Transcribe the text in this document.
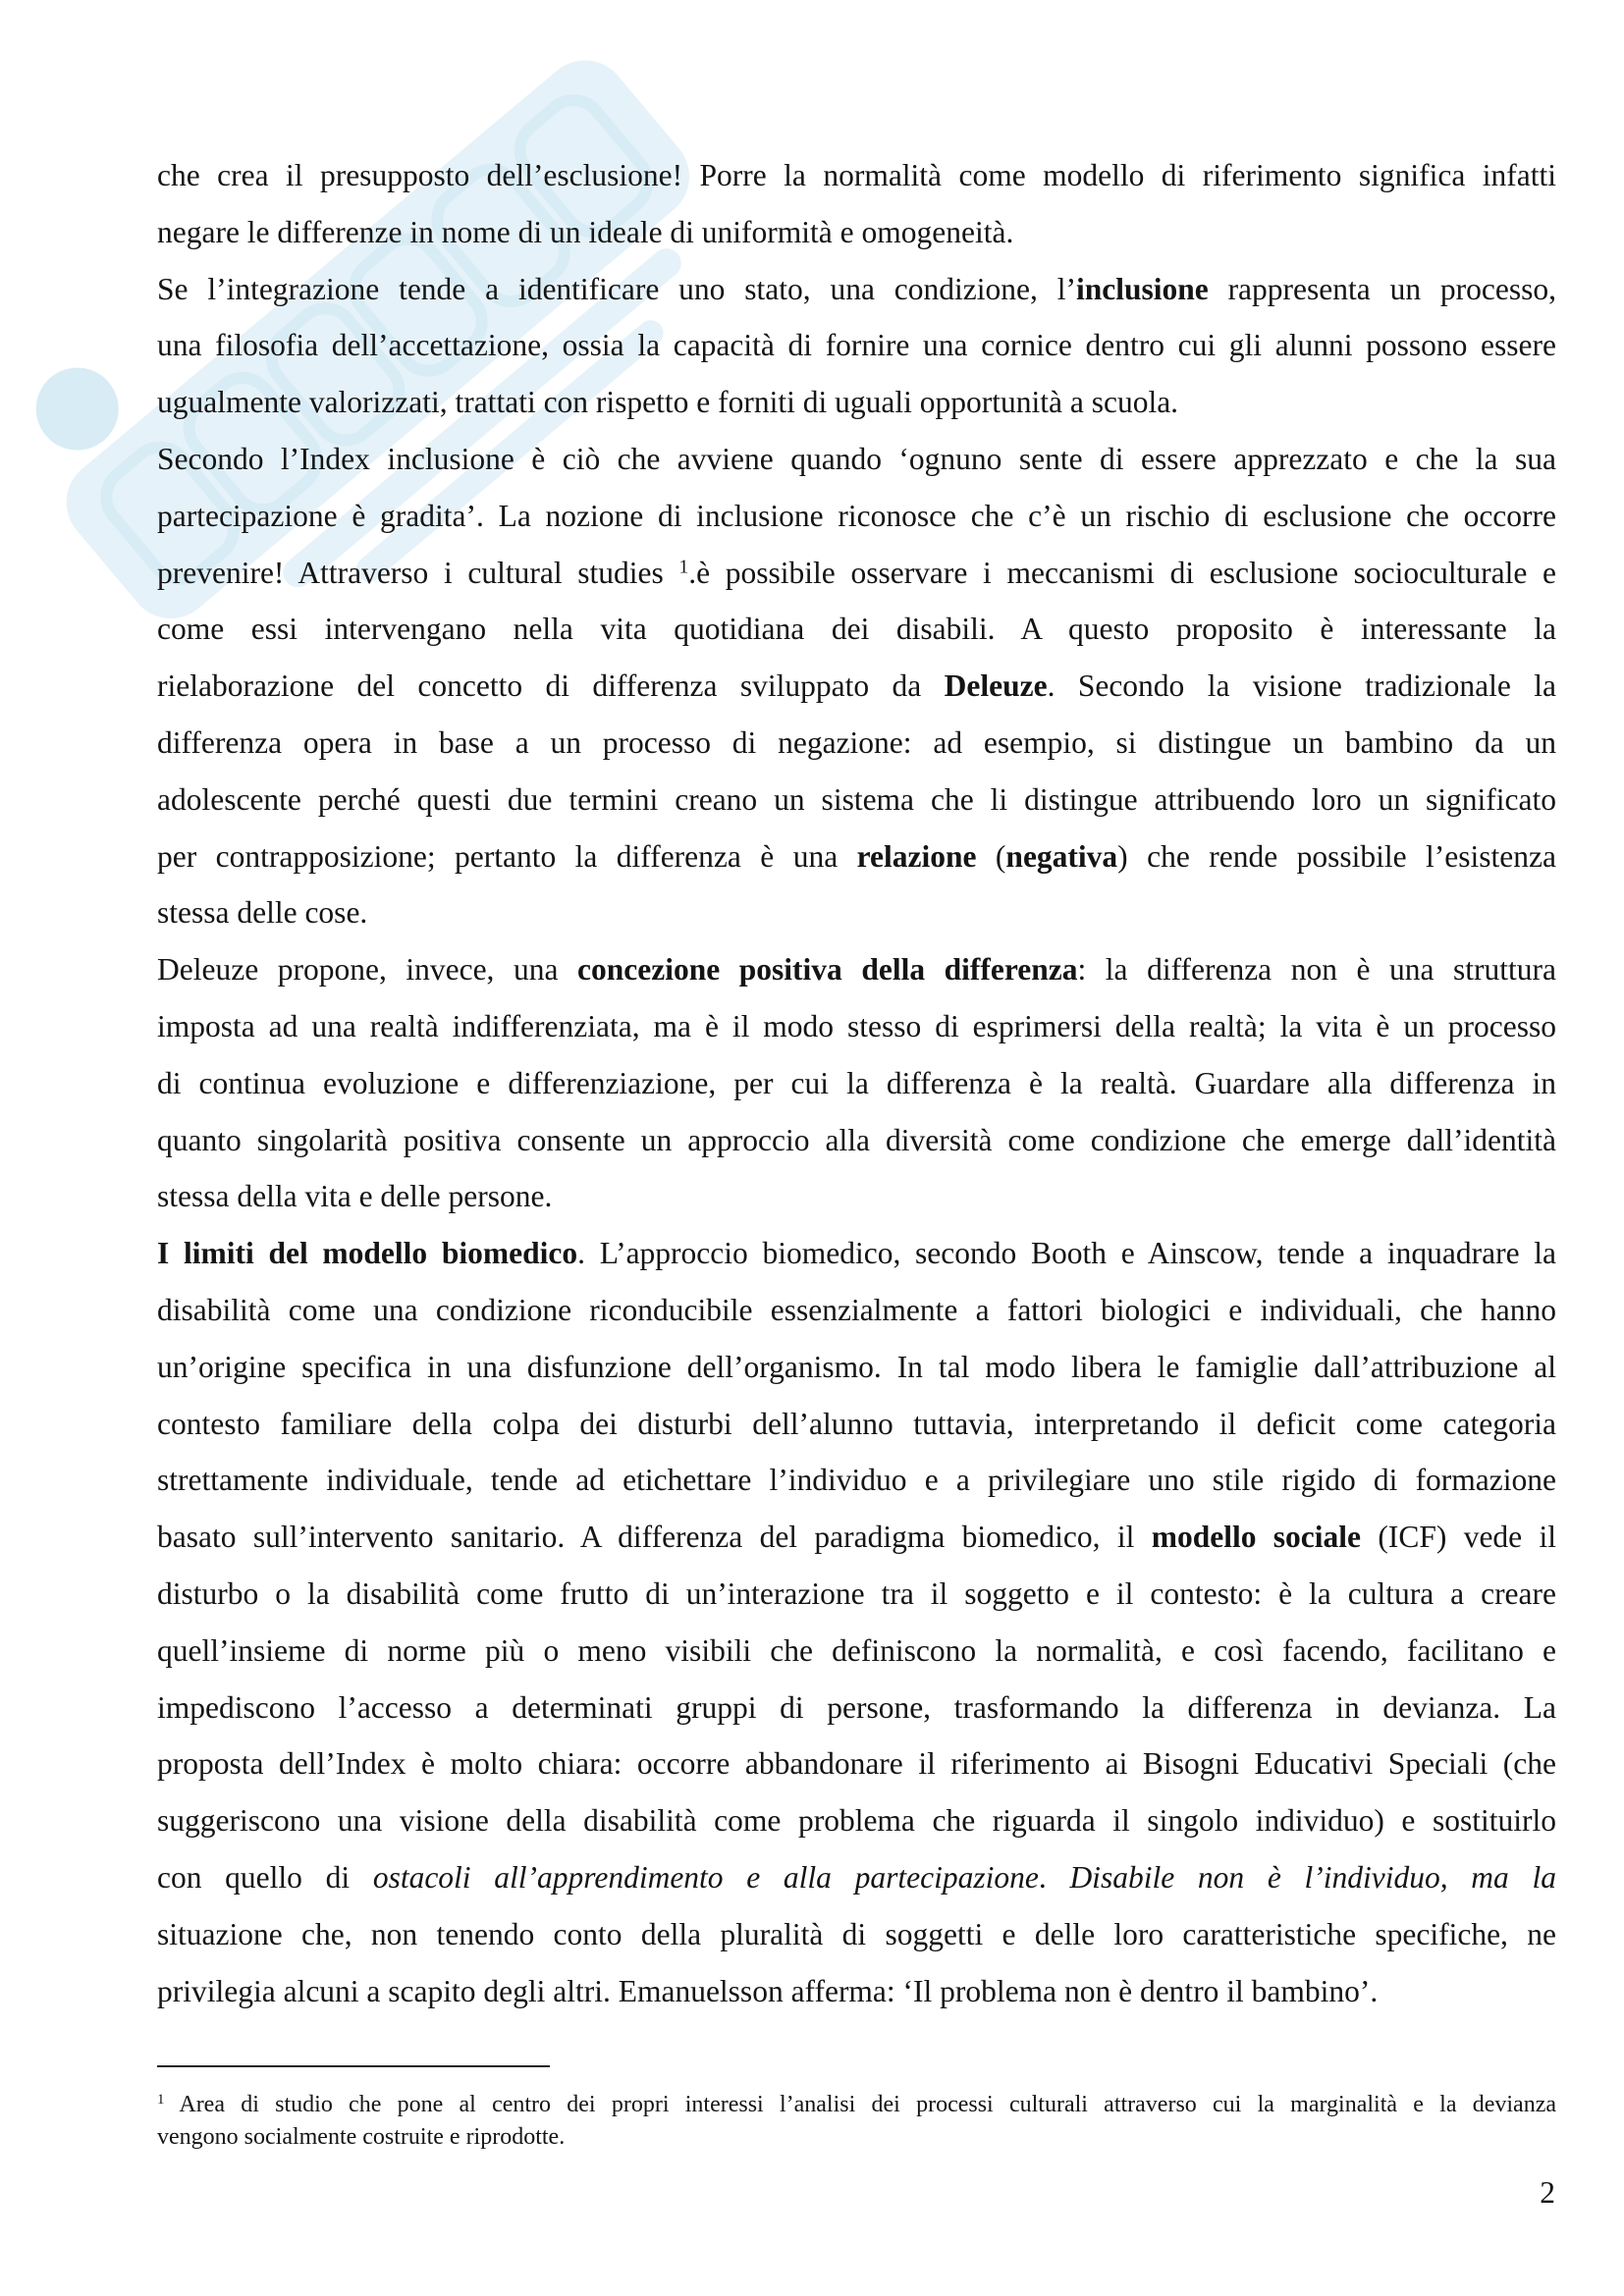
che crea il presupposto dell’esclusione! Porre la normalità come modello di riferimento significa infatti
negare le differenze in nome di un ideale di uniformità e omogeneità.
Se l’integrazione tende a identificare uno stato, una condizione, l’inclusione rappresenta un processo,
una filosofia dell’accettazione, ossia la capacità di fornire una cornice dentro cui gli alunni possono essere
ugualmente valorizzati, trattati con rispetto e forniti di uguali opportunità a scuola.
Secondo l’Index inclusione è ciò che avviene quando ‘ognuno sente di essere apprezzato e che la sua
partecipazione è gradita’. La nozione di inclusione riconosce che c’è un rischio di esclusione che occorre
prevenire! Attraverso i cultural studies $^1$.è possibile osservare i meccanismi di esclusione socioculturale e
come essi intervengano nella vita quotidiana dei disabili. A questo proposito è interessante la
rielaborazione del concetto di differenza sviluppato da Deleuze. Secondo la visione tradizionale la
differenza opera in base a un processo di negazione: ad esempio, si distingue un bambino da un
adolescente perché questi due termini creano un sistema che li distingue attribuendo loro un significato
per contrapposizione; pertanto la differenza è una relazione (negativa) che rende possibile l’esistenza
stessa delle cose.
Deleuze propone, invece, una concezione positiva della differenza: la differenza non è una struttura
imposta ad una realtà indifferenziata, ma è il modo stesso di esprimersi della realtà; la vita è un processo
di continua evoluzione e differenziazione, per cui la differenza è la realtà. Guardare alla differenza in
quanto singolarità positiva consente un approccio alla diversità come condizione che emerge dall’identità
stessa della vita e delle persone.
I limiti del modello biomedico. L’approccio biomedico, secondo Booth e Ainscow, tende a inquadrare la
disabilità come una condizione riconducibile essenzialmente a fattori biologici e individuali, che hanno
un’origine specifica in una disfunzione dell’organismo. In tal modo libera le famiglie dall’attribuzione al
contesto familiare della colpa dei disturbi dell’alunno tuttavia, interpretando il deficit come categoria
strettamente individuale, tende ad etichettare l’individuo e a privilegiare uno stile rigido di formazione
basato sull’intervento sanitario. A differenza del paradigma biomedico, il modello sociale (ICF) vede il
disturbo o la disabilità come frutto di un’interazione tra il soggetto e il contesto: è la cultura a creare
quell’insieme di norme più o meno visibili che definiscono la normalità, e così facendo, facilitano e
impediscono l’accesso a determinati gruppi di persone, trasformando la differenza in devianza. La
proposta dell’Index è molto chiara: occorre abbandonare il riferimento ai Bisogni Educativi Speciali (che
suggeriscono una visione della disabilità come problema che riguarda il singolo individuo) e sostituirlo
con quello di ostacoli all’apprendimento e alla partecipazione. Disabile non è l’individuo, ma la
situazione che, non tenendo conto della pluralità di soggetti e delle loro caratteristiche specifiche, ne
privilegia alcuni a scapito degli altri. Emanuelsson afferma: ‘Il problema non è dentro il bambino’.
$^1$ Area di studio che pone al centro dei propri interessi l’analisi dei processi culturali attraverso cui la marginalità e la devianza
vengono socialmente costruite e riprodotte.
2
